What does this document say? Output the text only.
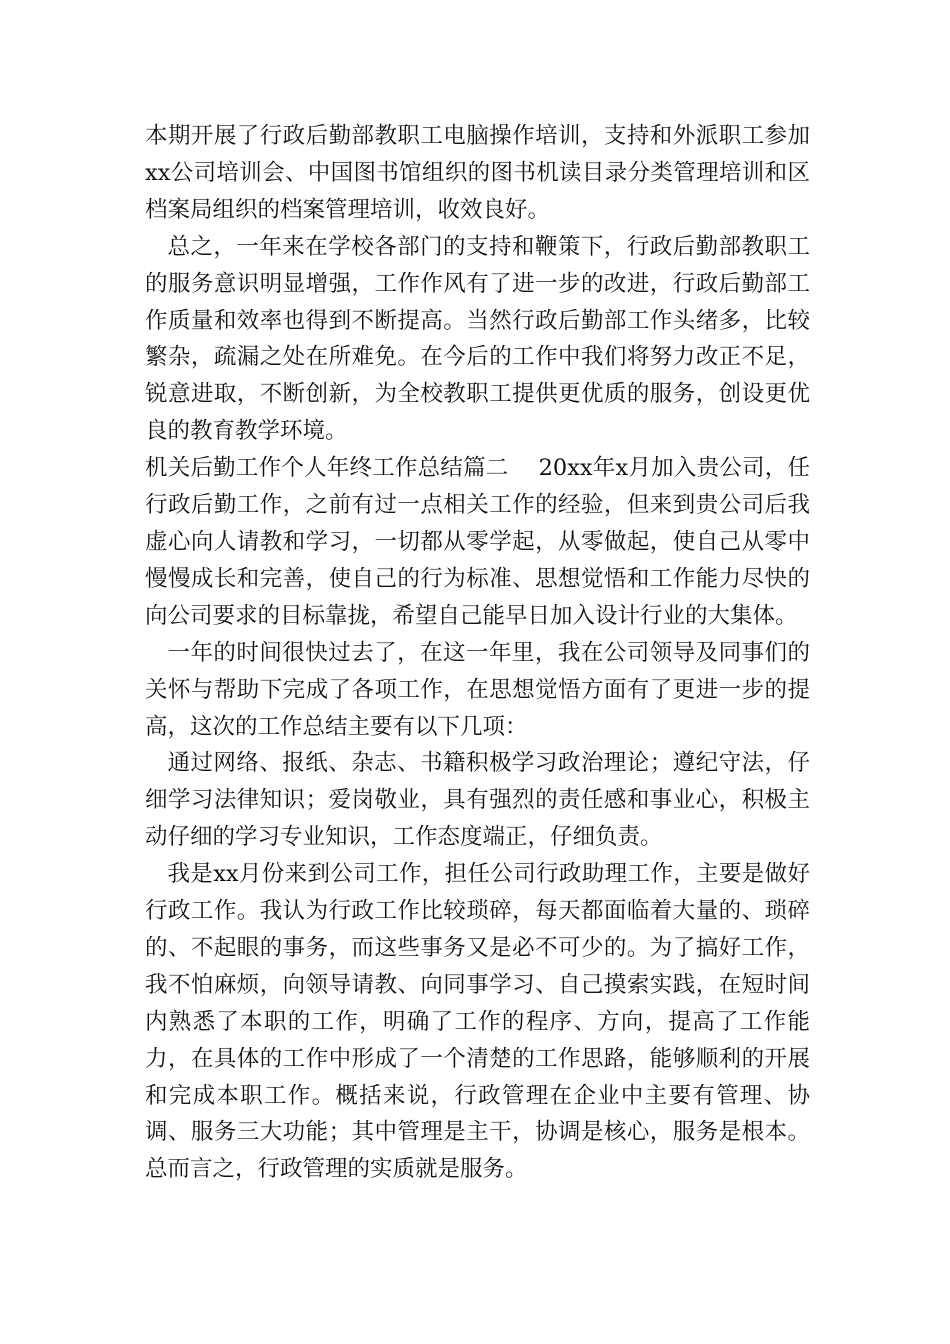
本期开展了行政后勤部教职工电脑操作培训，支持和外派职工参加xx公司培训会、中国图书馆组织的图书机读目录分类管理培训和区档案局组织的档案管理培训，收效良好。

总之，一年来在学校各部门的支持和鞭策下，行政后勤部教职工的服务意识明显增强，工作作风有了进一步的改进，行政后勤部工作质量和效率也得到不断提高。当然行政后勤部工作头绪多，比较繁杂，疏漏之处在所难免。在今后的工作中我们将努力改正不足，锐意进取，不断创新，为全校教职工提供更优质的服务，创设更优良的教育教学环境。

机关后勤工作个人年终工作总结篇二　 20xx年x月加入贵公司，任行政后勤工作，之前有过一点相关工作的经验，但来到贵公司后我虚心向人请教和学习，一切都从零学起，从零做起，使自己从零中慢慢成长和完善，使自己的行为标准、思想觉悟和工作能力尽快的向公司要求的目标靠拢，希望自己能早日加入设计行业的大集体。

一年的时间很快过去了，在这一年里，我在公司领导及同事们的关怀与帮助下完成了各项工作，在思想觉悟方面有了更进一步的提高，这次的工作总结主要有以下几项：

通过网络、报纸、杂志、书籍积极学习政治理论；遵纪守法，仔细学习法律知识；爱岗敬业，具有强烈的责任感和事业心，积极主动仔细的学习专业知识，工作态度端正，仔细负责。

我是xx月份来到公司工作，担任公司行政助理工作，主要是做好行政工作。我认为行政工作比较琐碎，每天都面临着大量的、琐碎的、不起眼的事务，而这些事务又是必不可少的。为了搞好工作，我不怕麻烦，向领导请教、向同事学习、自己摸索实践，在短时间内熟悉了本职的工作，明确了工作的程序、方向，提高了工作能力，在具体的工作中形成了一个清楚的工作思路，能够顺利的开展和完成本职工作。概括来说，行政管理在企业中主要有管理、协调、服务三大功能；其中管理是主干，协调是核心，服务是根本。总而言之，行政管理的实质就是服务。
